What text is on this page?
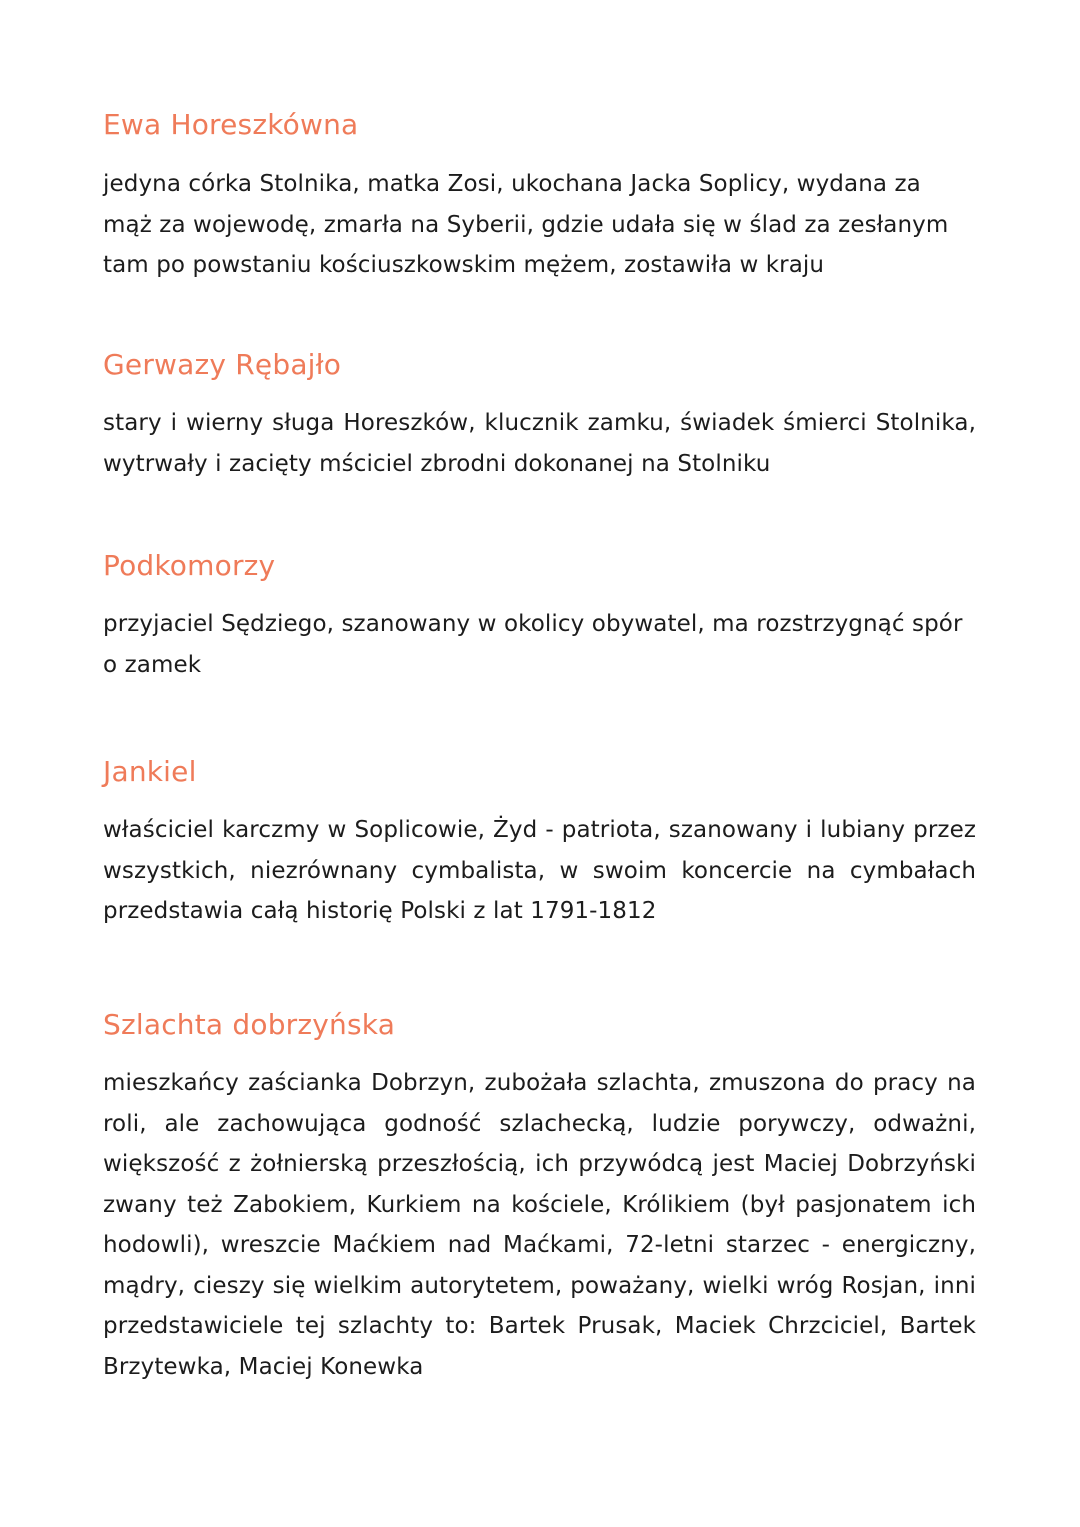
Ewa Horeszkówna

jedyna córka Stolnika, matka Zosi, ukochana Jacka Soplicy, wydana za mąż za wojewodę, zmarła na Syberii, gdzie udała się w ślad za zesłanym tam po powstaniu kościuszkowskim mężem, zostawiła w kraju

Gerwazy Rębajło

stary i wierny sługa Horeszków, klucznik zamku, świadek śmierci Stolnika, wytrwały i zacięty mściciel zbrodni dokonanej na Stolniku

Podkomorzy

przyjaciel Sędziego, szanowany w okolicy obywatel, ma rozstrzygnąć spór o zamek

Jankiel

właściciel karczmy w Soplicowie, Żyd - patriota, szanowany i lubiany przez wszystkich, niezrównany cymbalista, w swoim koncercie na cymbałach przedstawia całą historię Polski z lat 1791-1812

Szlachta dobrzyńska

mieszkańcy zaścianka Dobrzyn, zubożała szlachta, zmuszona do pracy na roli, ale zachowująca godność szlachecką, ludzie porywczy, odważni, większość z żołnierską przeszłością, ich przywódcą jest Maciej Dobrzyński zwany też Zabokiem, Kurkiem na kościele, Królikiem (był pasjonatem ich hodowli), wreszcie Maćkiem nad Maćkami, 72-letni starzec - energiczny, mądry, cieszy się wielkim autorytetem, poważany, wielki wróg Rosjan, inni przedstawiciele tej szlachty to: Bartek Prusak, Maciek Chrzciciel, Bartek Brzytewka, Maciej Konewka
